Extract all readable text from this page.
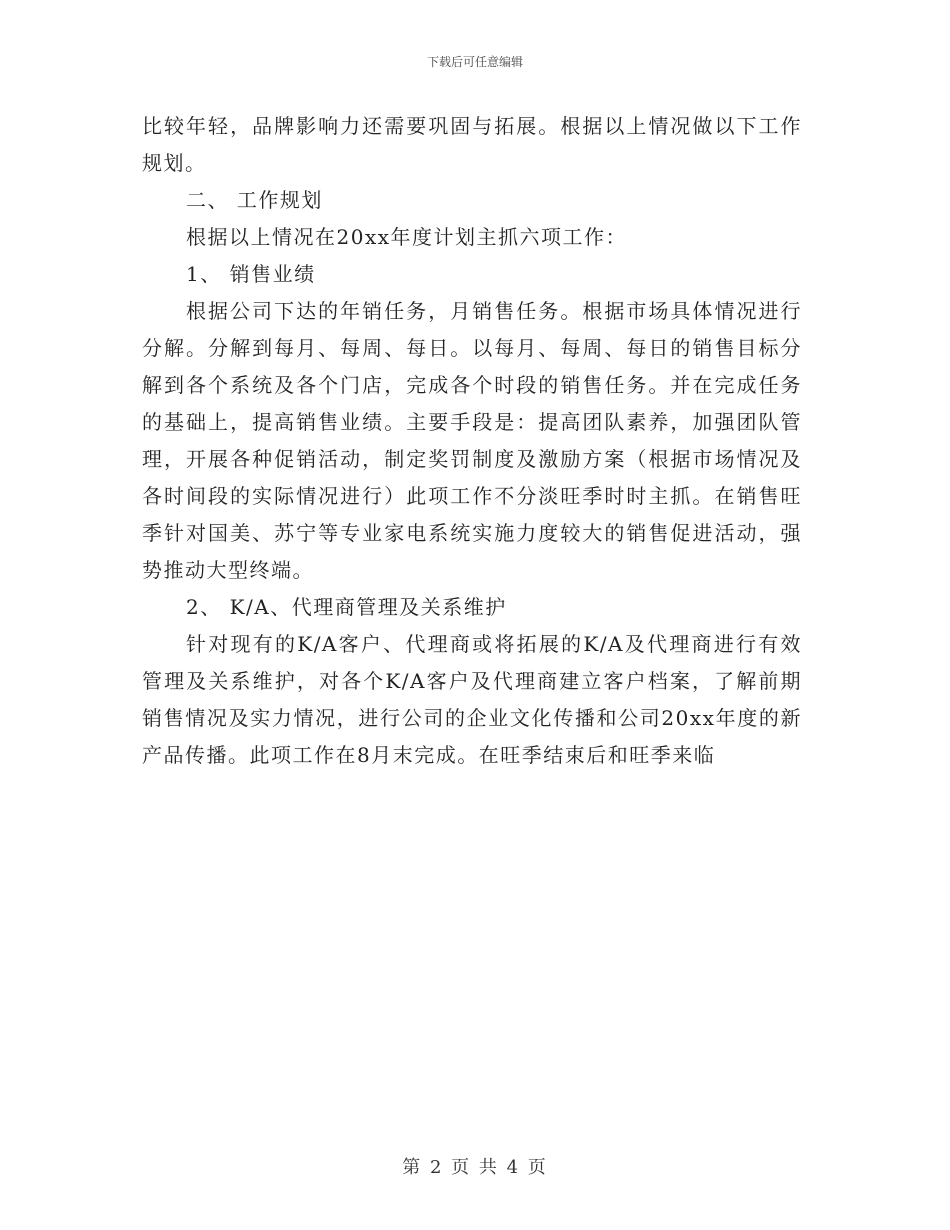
下载后可任意编辑

比较年轻，品牌影响力还需要巩固与拓展。根据以上情况做以下工作规划。

二、 工作规划

根据以上情况在20xx年度计划主抓六项工作：

1、 销售业绩

根据公司下达的年销任务，月销售任务。根据市场具体情况进行分解。分解到每月、每周、每日。以每月、每周、每日的销售目标分解到各个系统及各个门店，完成各个时段的销售任务。并在完成任务的基础上，提高销售业绩。主要手段是：提高团队素养，加强团队管理，开展各种促销活动，制定奖罚制度及激励方案（根据市场情况及各时间段的实际情况进行）此项工作不分淡旺季时时主抓。在销售旺季针对国美、苏宁等专业家电系统实施力度较大的销售促进活动，强势推动大型终端。

2、 K/A、代理商管理及关系维护

针对现有的K/A客户、代理商或将拓展的K/A及代理商进行有效管理及关系维护，对各个K/A客户及代理商建立客户档案，了解前期销售情况及实力情况，进行公司的企业文化传播和公司20xx年度的新产品传播。此项工作在8月末完成。在旺季结束后和旺季来临

第 2 页 共 4 页
